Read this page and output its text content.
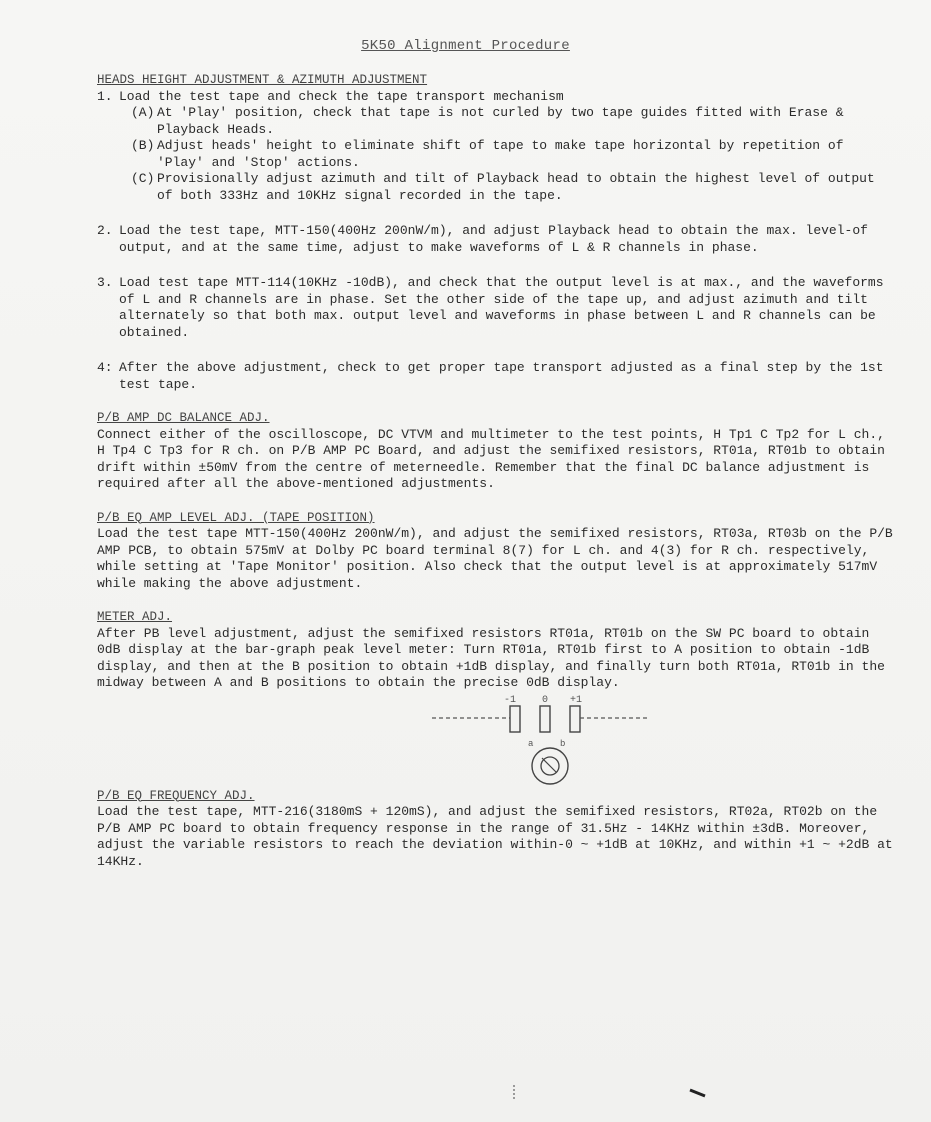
5K50 Alignment Procedure

HEADS HEIGHT ADJUSTMENT & AZIMUTH ADJUSTMENT

1. Load the test tape and check the tape transport mechanism
(A) At 'Play' position, check that tape is not curled by two tape guides fitted with Erase & Playback Heads.
(B) Adjust heads' height to eliminate shift of tape to make tape horizontal by repetition of 'Play' and 'Stop' actions.
(C) Provisionally adjust azimuth and tilt of Playback head to obtain the highest level of output of both 333Hz and 10KHz signal recorded in the tape.
2. Load the test tape, MTT-150(400Hz 200nW/m), and adjust Playback head to obtain the max. level-of output, and at the same time, adjust to make waveforms of L & R channels in phase.
3. Load test tape MTT-114(10KHz -10dB), and check that the output level is at max., and the waveforms of L and R channels are in phase. Set the other side of the tape up, and adjust azimuth and tilt alternately so that both max. output level and waveforms in phase between L and R channels can be obtained.
4: After the above adjustment, check to get proper tape transport adjusted as a final step by the 1st test tape.

P/B AMP DC BALANCE ADJ.

Connect either of the oscilloscope, DC VTVM and multimeter to the test points, H Tp1 C Tp2 for L ch., H Tp4 C Tp3 for R ch. on P/B AMP PC Board, and adjust the semifixed resistors, RT01a, RT01b to obtain drift within ±50mV from the centre of meterneedle. Remember that the final DC balance adjustment is required after all the above-mentioned adjustments.

P/B EQ AMP LEVEL ADJ. (TAPE POSITION)

Load the test tape MTT-150(400Hz 200nW/m), and adjust the semifixed resistors, RT03a, RT03b on the P/B AMP PCB, to obtain 575mV at Dolby PC board terminal 8(7) for L ch. and 4(3) for R ch. respectively, while setting at 'Tape Monitor' position. Also check that the output level is at approximately 517mV while making the above adjustment.

METER ADJ.

After PB level adjustment, adjust the semifixed resistors RT01a, RT01b on the SW PC board to obtain 0dB display at the bar-graph peak level meter: Turn RT01a, RT01b first to A position to obtain -1dB display, and then at the B position to obtain +1dB display, and finally turn both RT01a, RT01b in the midway between A and B positions to obtain the precise 0dB display.

-1	0 +1
a	b

P/B EQ FREQUENCY ADJ.

Load the test tape, MTT-216(3180mS + 120mS), and adjust the semifixed resistors, RT02a, RT02b on the P/B AMP PC board to obtain frequency response in the range of 31.5Hz - 14KHz within ±3dB. Moreover, adjust the variable resistors to reach the deviation within-0 ~ +1dB at 10KHz, and within +1 ~ +2dB at 14KHz.
